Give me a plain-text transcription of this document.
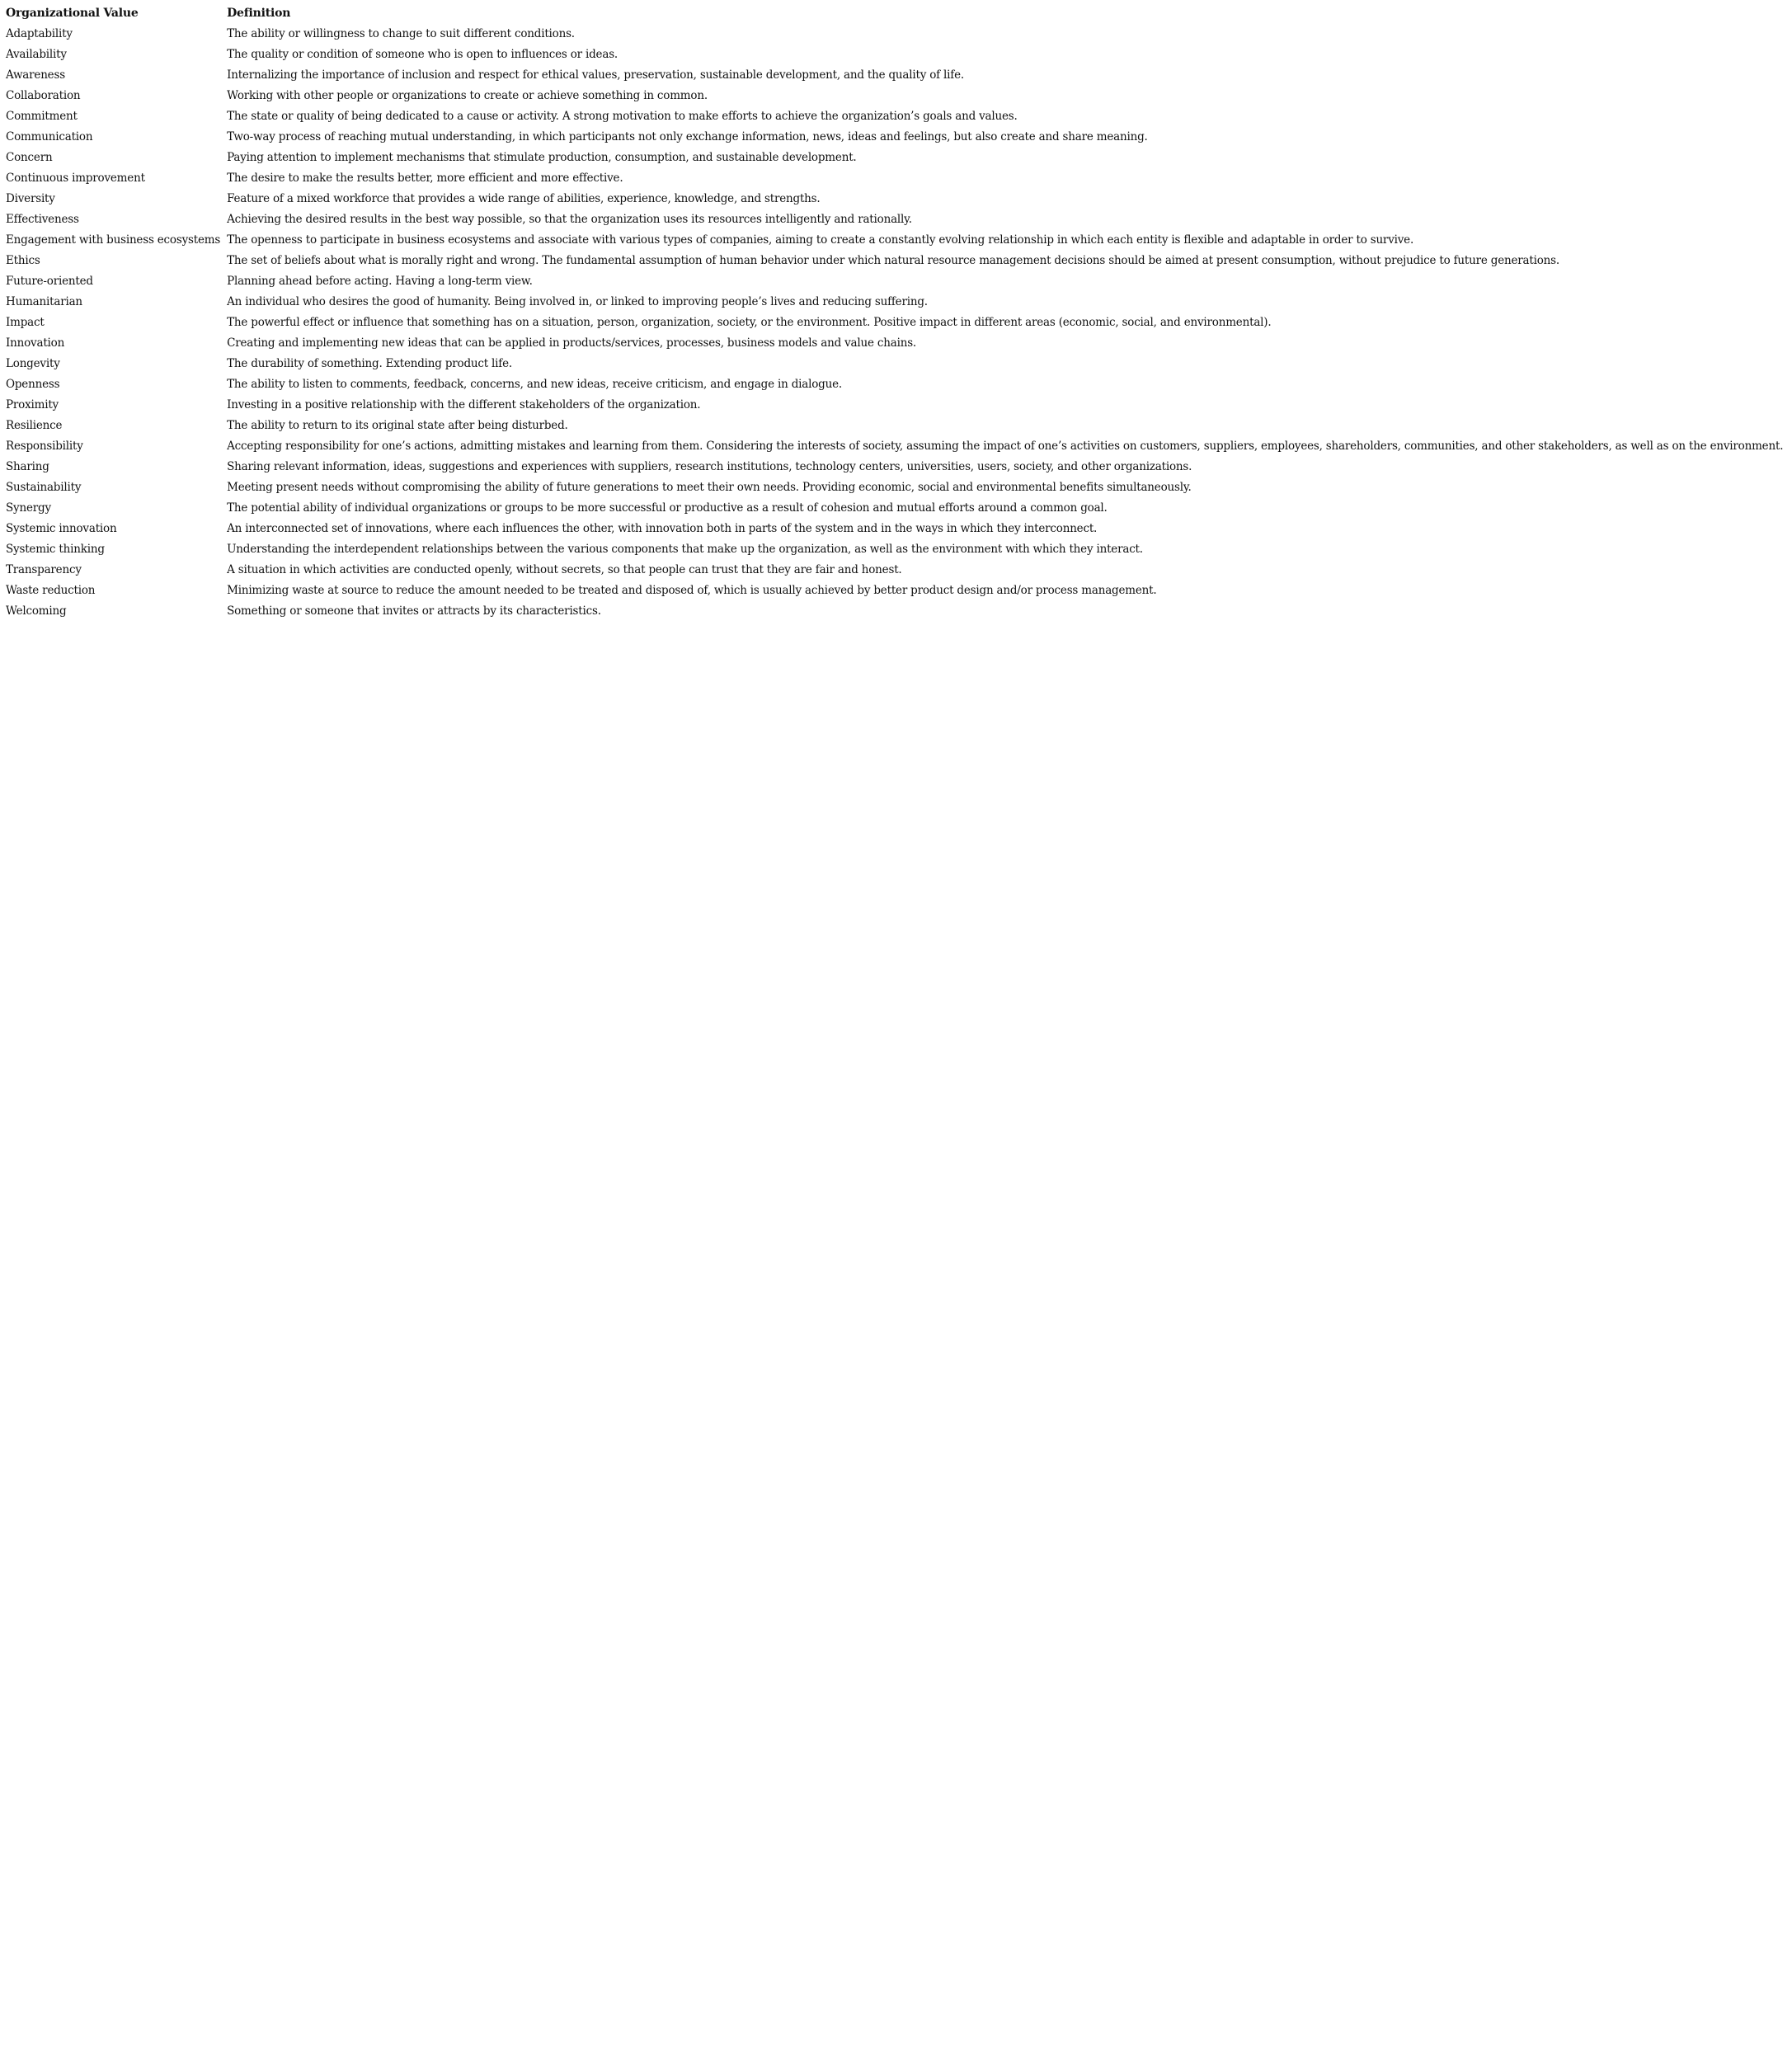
Organizational Value	Definition
Adaptability	The ability or willingness to change to suit different conditions.
Availability	The quality or condition of someone who is open to influences or ideas.
Awareness	Internalizing the importance of inclusion and respect for ethical values, preservation, sustainable development, and the quality of life.
Collaboration	Working with other people or organizations to create or achieve something in common.
Commitment	The state or quality of being dedicated to a cause or activity. A strong motivation to make efforts to achieve the organization’s goals and values.
Communication	Two-way process of reaching mutual understanding, in which participants not only exchange information, news, ideas and feelings, but also create and share meaning.
Concern	Paying attention to implement mechanisms that stimulate production, consumption, and sustainable development.
Continuous improvement	The desire to make the results better, more efficient and more effective.
Diversity	Feature of a mixed workforce that provides a wide range of abilities, experience, knowledge, and strengths.
Effectiveness	Achieving the desired results in the best way possible, so that the organization uses its resources intelligently and rationally.
Engagement with business ecosystems	The openness to participate in business ecosystems and associate with various types of companies, aiming to create a constantly evolving relationship in which each entity is flexible and adaptable in order to survive.
Ethics	The set of beliefs about what is morally right and wrong. The fundamental assumption of human behavior under which natural resource management decisions should be aimed at present consumption, without prejudice to future generations.
Future-oriented	Planning ahead before acting. Having a long-term view.
Humanitarian	An individual who desires the good of humanity. Being involved in, or linked to improving people’s lives and reducing suffering.
Impact	The powerful effect or influence that something has on a situation, person, organization, society, or the environment. Positive impact in different areas (economic, social, and environmental).
Innovation	Creating and implementing new ideas that can be applied in products/services, processes, business models and value chains.
Longevity	The durability of something. Extending product life.
Openness	The ability to listen to comments, feedback, concerns, and new ideas, receive criticism, and engage in dialogue.
Proximity	Investing in a positive relationship with the different stakeholders of the organization.
Resilience	The ability to return to its original state after being disturbed.
Responsibility	Accepting responsibility for one’s actions, admitting mistakes and learning from them. Considering the interests of society, assuming the impact of one’s activities on customers, suppliers, employees, shareholders, communities, and other stakeholders, as well as on the environment.
Sharing	Sharing relevant information, ideas, suggestions and experiences with suppliers, research institutions, technology centers, universities, users, society, and other organizations.
Sustainability	Meeting present needs without compromising the ability of future generations to meet their own needs. Providing economic, social and environmental benefits simultaneously.
Synergy	The potential ability of individual organizations or groups to be more successful or productive as a result of cohesion and mutual efforts around a common goal.
Systemic innovation	An interconnected set of innovations, where each influences the other, with innovation both in parts of the system and in the ways in which they interconnect.
Systemic thinking	Understanding the interdependent relationships between the various components that make up the organization, as well as the environment with which they interact.
Transparency	A situation in which activities are conducted openly, without secrets, so that people can trust that they are fair and honest.
Waste reduction	Minimizing waste at source to reduce the amount needed to be treated and disposed of, which is usually achieved by better product design and/or process management.
Welcoming	Something or someone that invites or attracts by its characteristics.
